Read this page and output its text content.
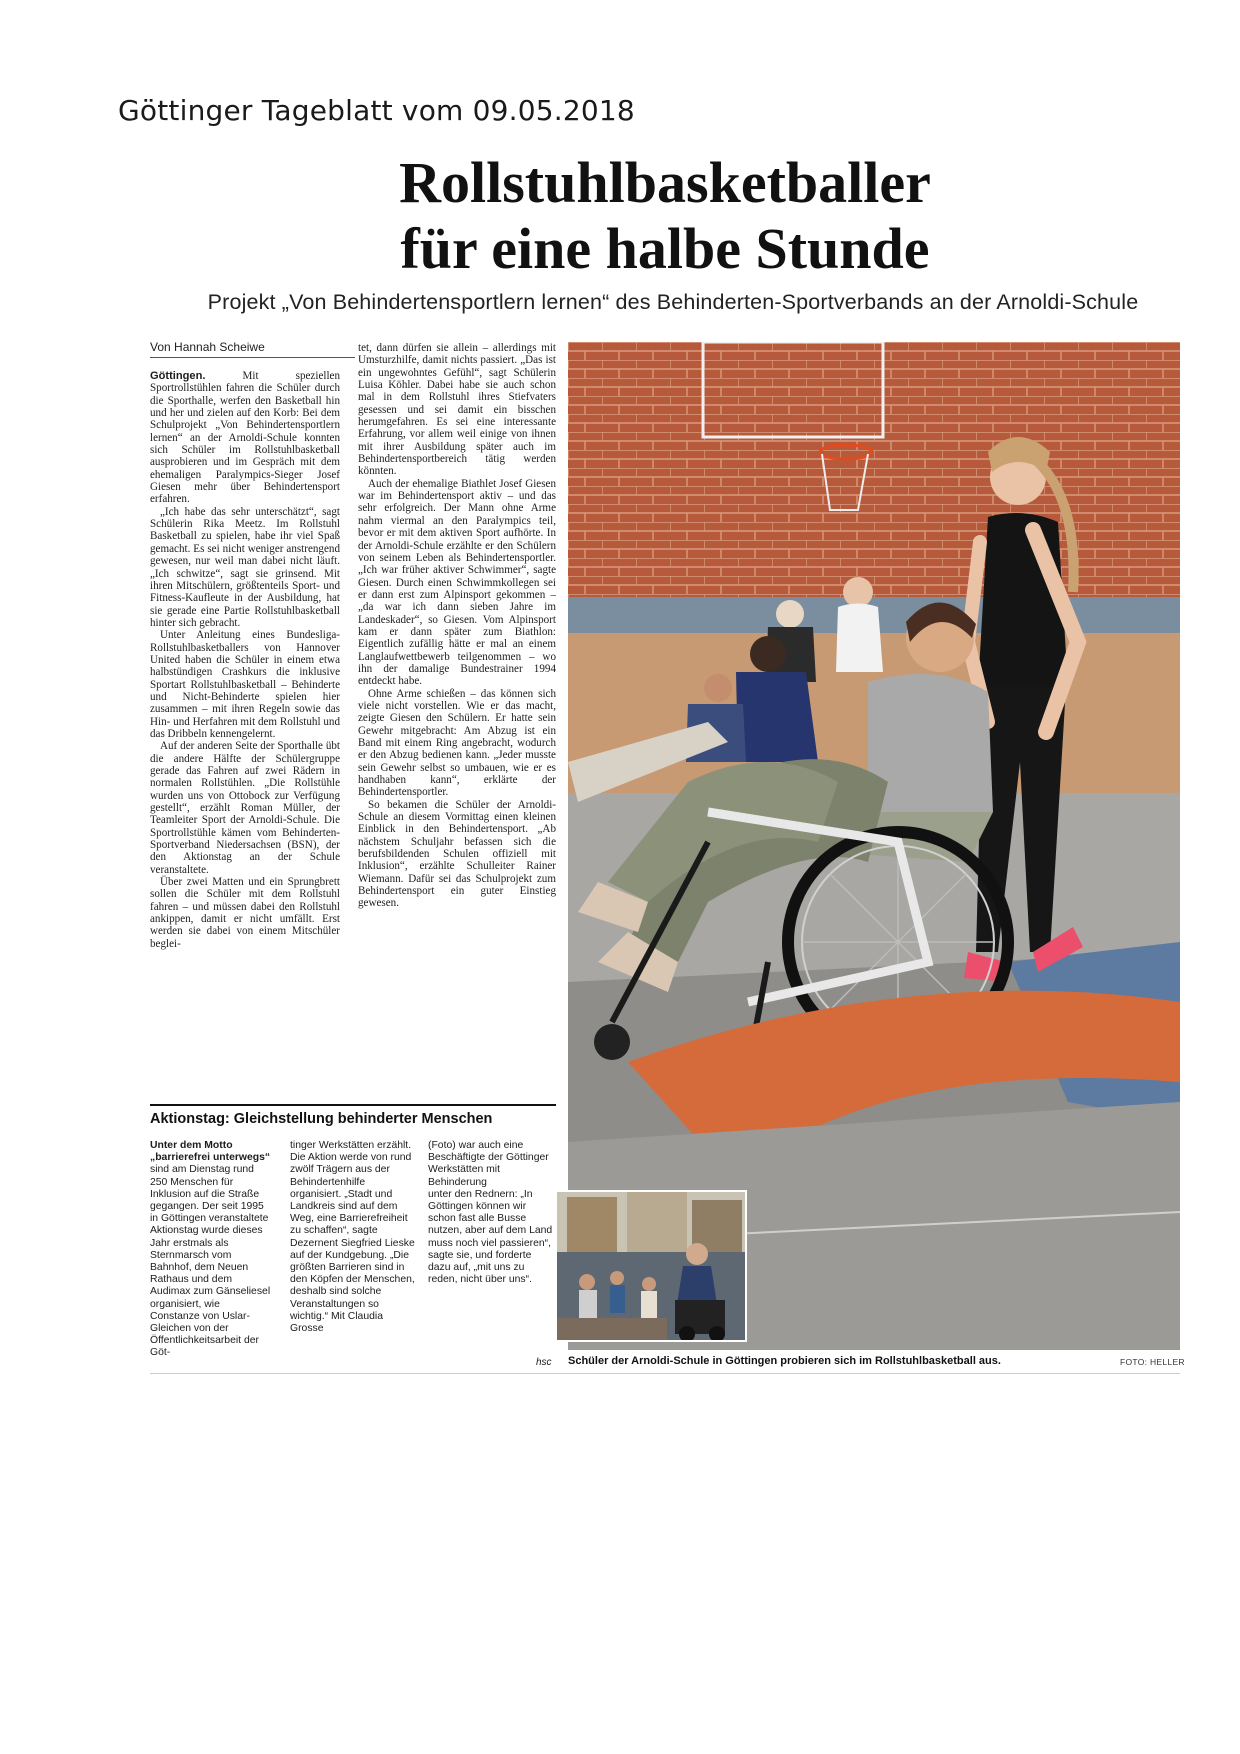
Göttinger Tageblatt vom 09.05.2018
Rollstuhlbasketballer
für eine halbe Stunde
Projekt „Von Behindertensportlern lernen“ des Behinderten-Sportverbands an der Arnoldi-Schule
Von Hannah Scheiwe

Göttingen.	Mit speziellen Sportrollstühlen fahren die Schüler durch die Sporthalle, werfen den Basketball hin und her und zielen auf den Korb: Bei dem Schulprojekt „Von Behindertensportlern lernen“ an der Arnoldi-Schule konnten sich Schüler im Rollstuhlbasketball ausprobieren und im Gespräch mit dem ehemaligen Paralympics-Sieger Josef Giesen mehr über Behindertensport erfahren.

„Ich habe das sehr unterschätzt“, sagt Schülerin Rika Meetz. Im Rollstuhl Basketball zu spielen, habe ihr viel Spaß gemacht. Es sei nicht weniger anstrengend gewesen, nur weil man dabei nicht läuft. „Ich schwitze“, sagt sie grinsend. Mit ihren Mitschülern, größtenteils Sport- und Fitness-Kaufleute in der Ausbildung, hat sie gerade eine Partie Rollstuhlbasketball hinter sich gebracht.

Unter Anleitung eines Bundesliga-Rollstuhlbasketballers von Hannover United haben die Schüler in einem etwa halbstündigen Crashkurs die inklusive Sportart Rollstuhlbasketball – Behinderte und Nicht-Behinderte spielen hier zusammen – mit ihren Regeln sowie das Hin- und Herfahren mit dem Rollstuhl und das Dribbeln kennengelernt.

Auf der anderen Seite der Sporthalle übt die andere Hälfte der Schülergruppe gerade das Fahren auf zwei Rädern in normalen Rollstühlen. „Die Rollstühle wurden uns von Ottobock zur Verfügung gestellt“, erzählt Roman Müller, der Teamleiter Sport der Arnoldi-Schule. Die Sportrollstühle kämen vom Behinderten-Sportverband Niedersachsen (BSN), der den Aktionstag an der Schule veranstaltete.

Über zwei Matten und ein Sprungbrett sollen die Schüler mit dem Rollstuhl fahren – und müssen dabei den Rollstuhl ankippen, damit er nicht umfällt. Erst werden sie dabei von einem Mitschüler beglei-

tet, dann dürfen sie allein – allerdings mit Umsturzhilfe, damit nichts passiert. „Das ist ein ungewohntes Gefühl“, sagt Schülerin Luisa Köhler. Dabei habe sie auch schon mal in dem Rollstuhl ihres Stiefvaters gesessen und sei damit ein bisschen herumgefahren. Es sei eine interessante Erfahrung, vor allem weil einige von ihnen mit ihrer Ausbildung später auch im Behindertensportbereich tätig werden könnten.

Auch der ehemalige Biathlet Josef Giesen war im Behindertensport aktiv – und das sehr erfolgreich. Der Mann ohne Arme nahm viermal an den Paralympics teil, bevor er mit dem aktiven Sport aufhörte. In der Arnoldi-Schule erzählte er den Schülern von seinem Leben als Behindertensportler. „Ich war früher aktiver Schwimmer“, sagte Giesen. Durch einen Schwimmkollegen sei er dann erst zum Alpinsport gekommen – „da war ich dann sieben Jahre im Landeskader“, so Giesen. Vom Alpinsport kam er dann später zum Biathlon: Eigentlich zufällig hätte er mal an einem Langlaufwettbewerb teilgenommen – wo ihn der damalige Bundestrainer 1994 entdeckt habe.

Ohne Arme schießen – das können sich viele nicht vorstellen. Wie er das macht, zeigte Giesen den Schülern. Er hatte sein Gewehr mitgebracht: Am Abzug ist ein Band mit einem Ring angebracht, wodurch er den Abzug bedienen kann. „Jeder musste sein Gewehr selbst so umbauen, wie er es handhaben kann“, erklärte der Behindertensportler.

So bekamen die Schüler der Arnoldi-Schule an diesem Vormittag einen kleinen Einblick in den Behindertensport. „Ab nächstem Schuljahr befassen sich die berufsbildenden Schulen offiziell mit Inklusion“, erzählte Schulleiter Rainer Wiemann. Dafür sei das Schulprojekt zum Behindertensport ein guter Einstieg gewesen.

Aktionstag: Gleichstellung behinderter Menschen
Unter dem Motto „barrierefrei unterwegs“ sind am Dienstag rund 250 Menschen für Inklusion auf die Straße gegangen. Der seit 1995 in Göttingen veranstaltete Aktionstag wurde dieses Jahr erstmals als Sternmarsch vom Bahnhof, dem Neuen Rathaus und dem Audimax zum Gänseliesel organisiert, wie Constanze von Uslar-Gleichen von der Öffentlichkeitsarbeit der Göt-
tinger Werkstätten erzählt. Die Aktion werde von rund zwölf Trägern aus der Behindertenhilfe organisiert. „Stadt und Landkreis sind auf dem Weg, eine Barrierefreiheit zu schaffen“, sagte Dezernent Siegfried Lieske auf der Kundgebung. „Die größten Barrieren sind in den Köpfen der Menschen, deshalb sind solche Veranstaltungen so wichtig.“ Mit Claudia Grosse
(Foto) war auch eine Beschäftigte der Göttinger Werkstätten mit Behinderung
unter den Rednern: „In Göttingen können wir schon fast alle Busse nutzen, aber auf dem Land muss noch viel passieren“, sagte sie, und forderte dazu auf, „mit uns zu reden, nicht über uns“.
hsc Schüler der Arnoldi-Schule in Göttingen probieren sich im Rollstuhlbasketball aus.	FOTO: HELLER
